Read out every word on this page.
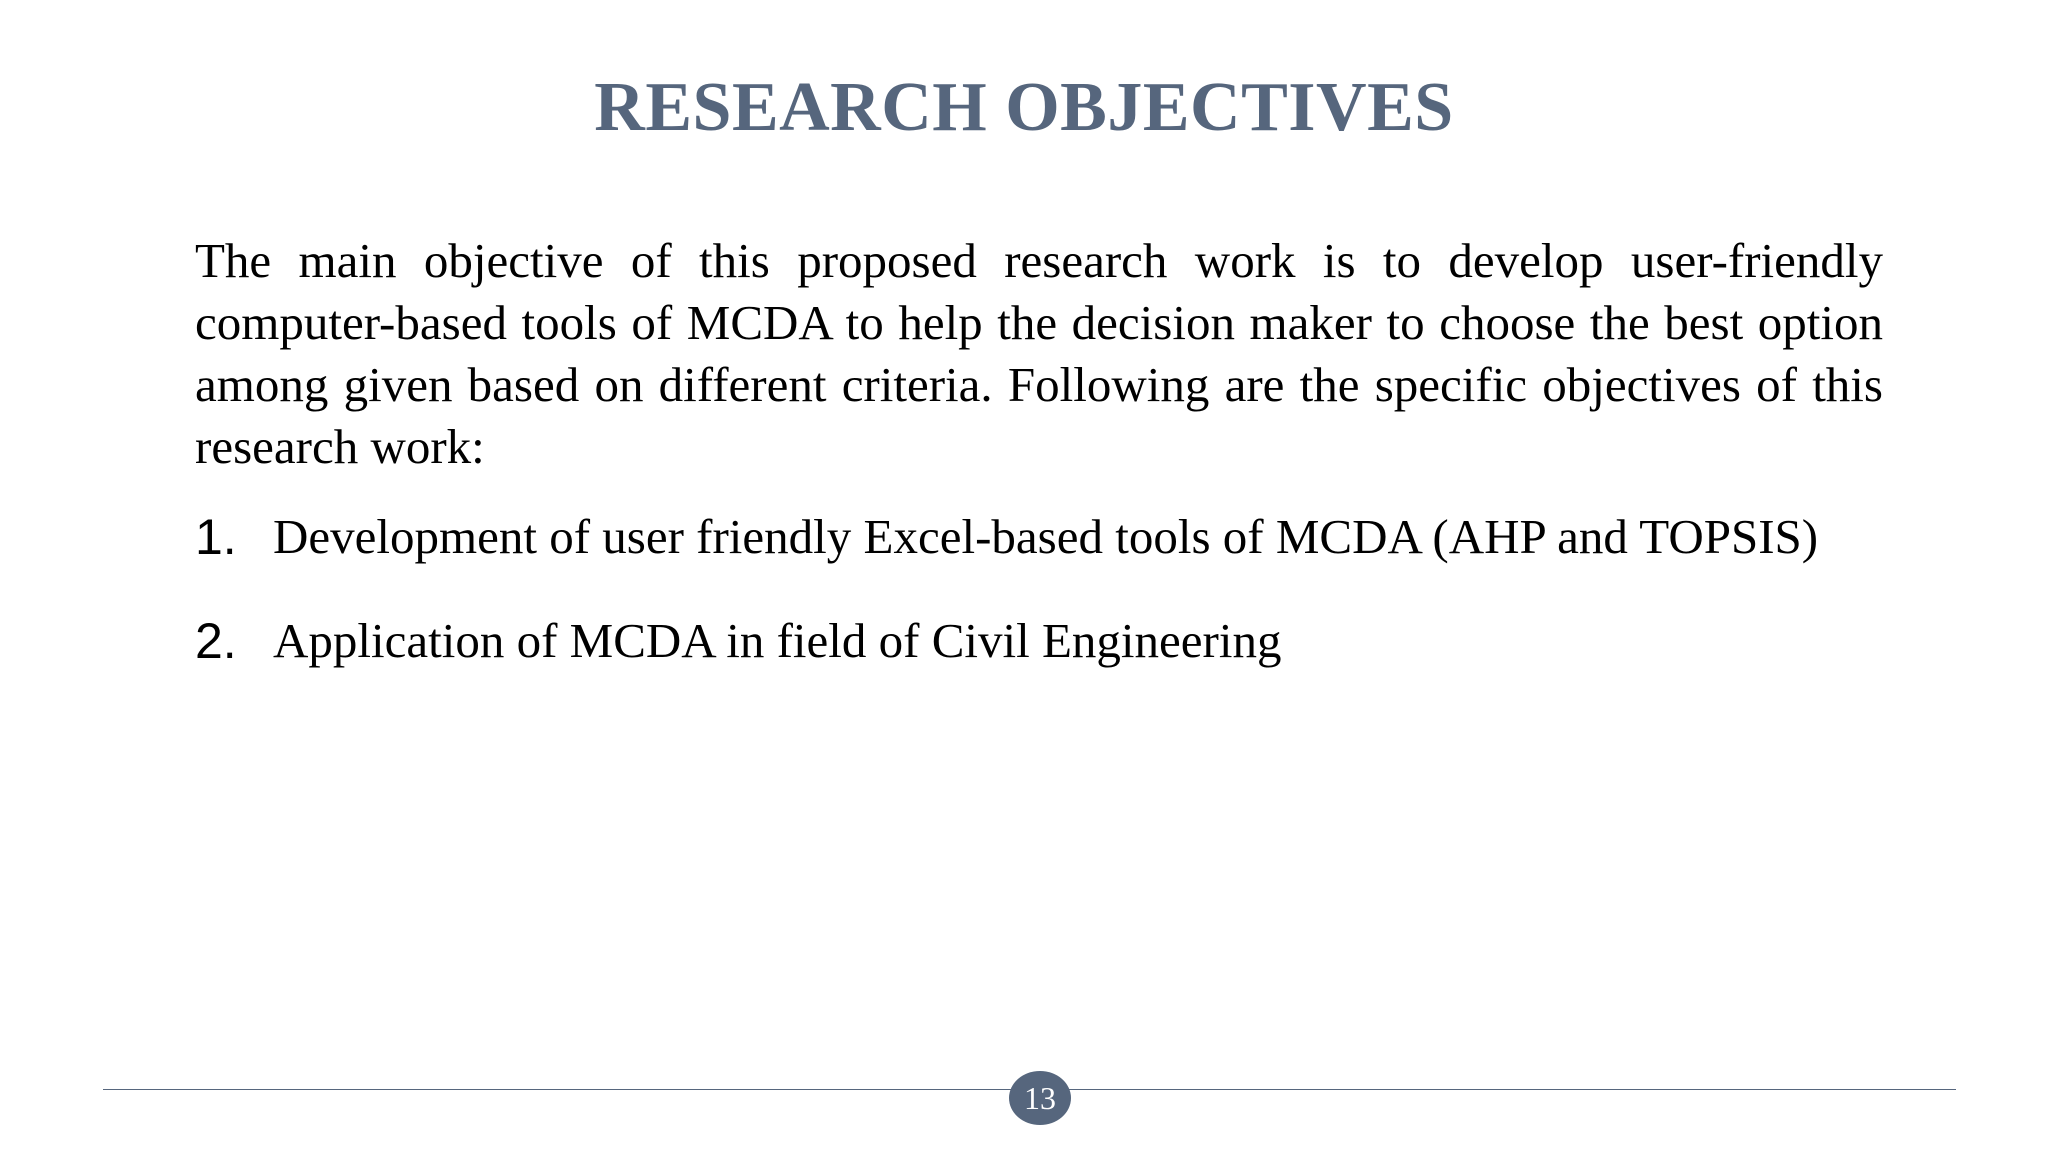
RESEARCH OBJECTIVES

The main objective of this proposed research work is to develop user-friendly computer-based tools of MCDA to help the decision maker to choose the best option among given based on different criteria. Following are the specific objectives of this research work:

1. Development of user friendly Excel-based tools of MCDA (AHP and TOPSIS)
2. Application of MCDA in field of Civil Engineering
13
